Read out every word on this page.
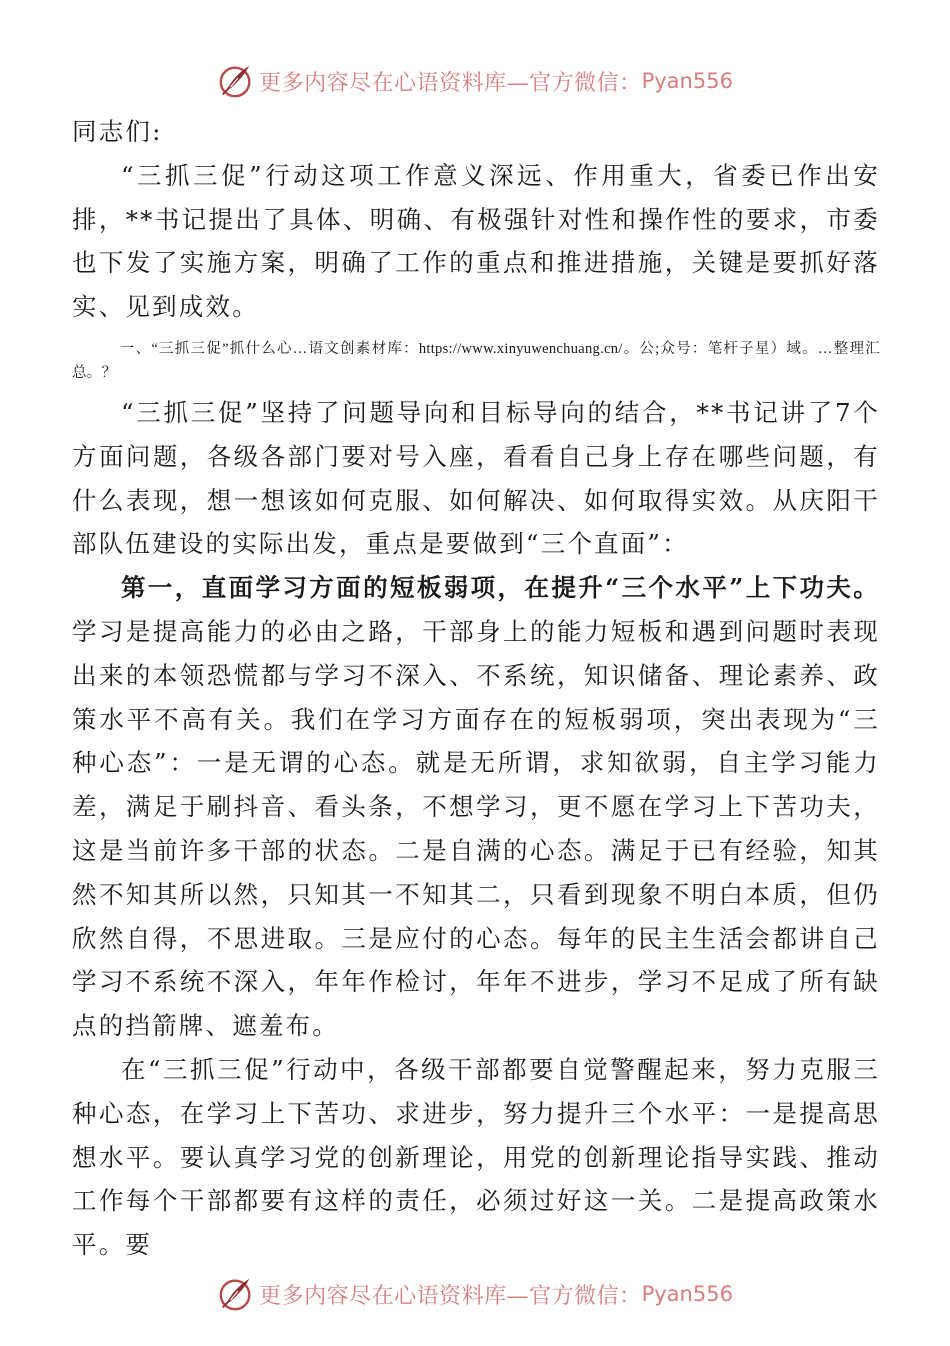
更多内容尽在心语资料库—官方微信： Pyan556

同志们:

“三抓三促”行动这项工作意义深远、作用重大，省委已作出安排，**书记提出了具体、明确、有极强针对性和操作性的要求，市委也下发了实施方案，明确了工作的重点和推进措施，关键是要抓好落实、见到成效。

一、“三抓三促”抓什么心…语文创素材库：https://www.xinyuwenchuang.cn/。公;众号：笔杆子星）域。…整理汇总。？

“三抓三促”坚持了问题导向和目标导向的结合，**书记讲了7个方面问题，各级各部门要对号入座，看看自己身上存在哪些问题，有什么表现，想一想该如何克服、如何解决、如何取得实效。从庆阳干部队伍建设的实际出发，重点是要做到“三个直面”：

第一，直面学习方面的短板弱项，在提升“三个水平”上下功夫。学习是提高能力的必由之路，干部身上的能力短板和遇到问题时表现出来的本领恐慌都与学习不深入、不系统，知识储备、理论素养、政策水平不高有关。我们在学习方面存在的短板弱项，突出表现为“三种心态”：一是无谓的心态。就是无所谓，求知欲弱，自主学习能力差，满足于刷抖音、看头条，不想学习，更不愿在学习上下苦功夫，这是当前许多干部的状态。二是自满的心态。满足于已有经验，知其然不知其所以然，只知其一不知其二，只看到现象不明白本质，但仍欣然自得，不思进取。三是应付的心态。每年的民主生活会都讲自己学习不系统不深入，年年作检讨，年年不进步，学习不足成了所有缺点的挡箭牌、遮羞布。

在“三抓三促”行动中，各级干部都要自觉警醒起来，努力克服三种心态，在学习上下苦功、求进步，努力提升三个水平：一是提高思想水平。要认真学习党的创新理论，用党的创新理论指导实践、推动工作每个干部都要有这样的责任，必须过好这一关。二是提高政策水平。要

更多内容尽在心语资料库—官方微信： Pyan556
